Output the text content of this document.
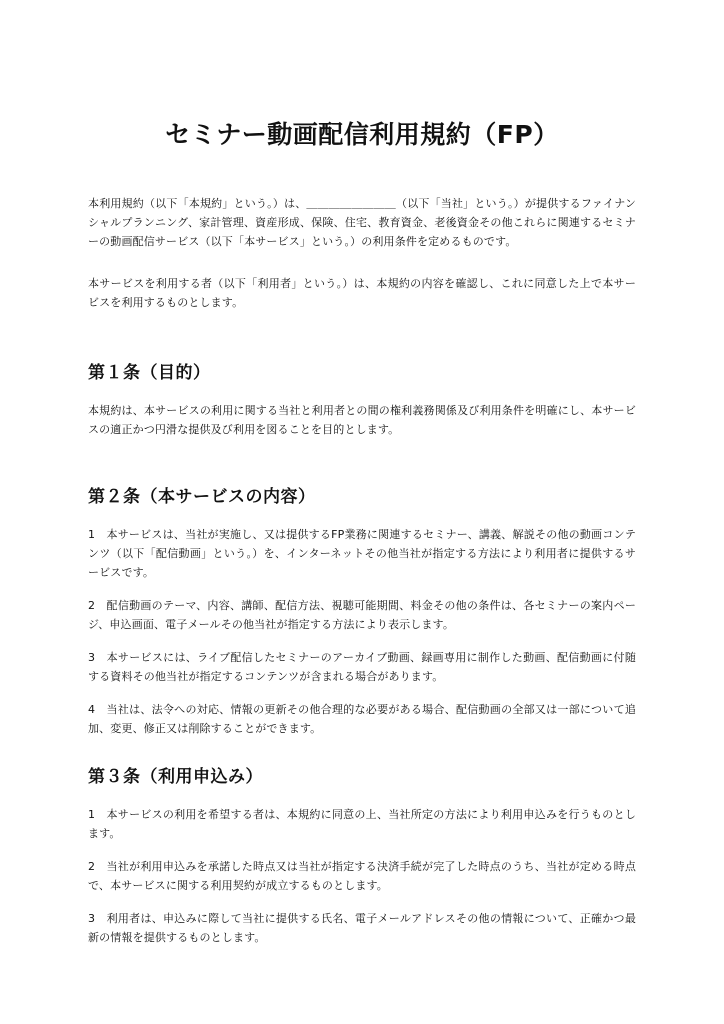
セミナー動画配信利用規約（FP）

本利用規約（以下「本規約」という。）は、＿＿＿＿＿＿＿＿（以下「当社」という。）が提供するファイナンシャルプランニング、家計管理、資産形成、保険、住宅、教育資金、老後資金その他これらに関連するセミナーの動画配信サービス（以下「本サービス」という。）の利用条件を定めるものです。

本サービスを利用する者（以下「利用者」という。）は、本規約の内容を確認し、これに同意した上で本サービスを利用するものとします。

第１条（目的）

本規約は、本サービスの利用に関する当社と利用者との間の権利義務関係及び利用条件を明確にし、本サービスの適正かつ円滑な提供及び利用を図ることを目的とします。

第２条（本サービスの内容）

1　本サービスは、当社が実施し、又は提供するFP業務に関連するセミナー、講義、解説その他の動画コンテンツ（以下「配信動画」という。）を、インターネットその他当社が指定する方法により利用者に提供するサービスです。

2　配信動画のテーマ、内容、講師、配信方法、視聴可能期間、料金その他の条件は、各セミナーの案内ページ、申込画面、電子メールその他当社が指定する方法により表示します。

3　本サービスには、ライブ配信したセミナーのアーカイブ動画、録画専用に制作した動画、配信動画に付随する資料その他当社が指定するコンテンツが含まれる場合があります。

4　当社は、法令への対応、情報の更新その他合理的な必要がある場合、配信動画の全部又は一部について追加、変更、修正又は削除することができます。

第３条（利用申込み）

1　本サービスの利用を希望する者は、本規約に同意の上、当社所定の方法により利用申込みを行うものとします。

2　当社が利用申込みを承諾した時点又は当社が指定する決済手続が完了した時点のうち、当社が定める時点で、本サービスに関する利用契約が成立するものとします。

3　利用者は、申込みに際して当社に提供する氏名、電子メールアドレスその他の情報について、正確かつ最新の情報を提供するものとします。
